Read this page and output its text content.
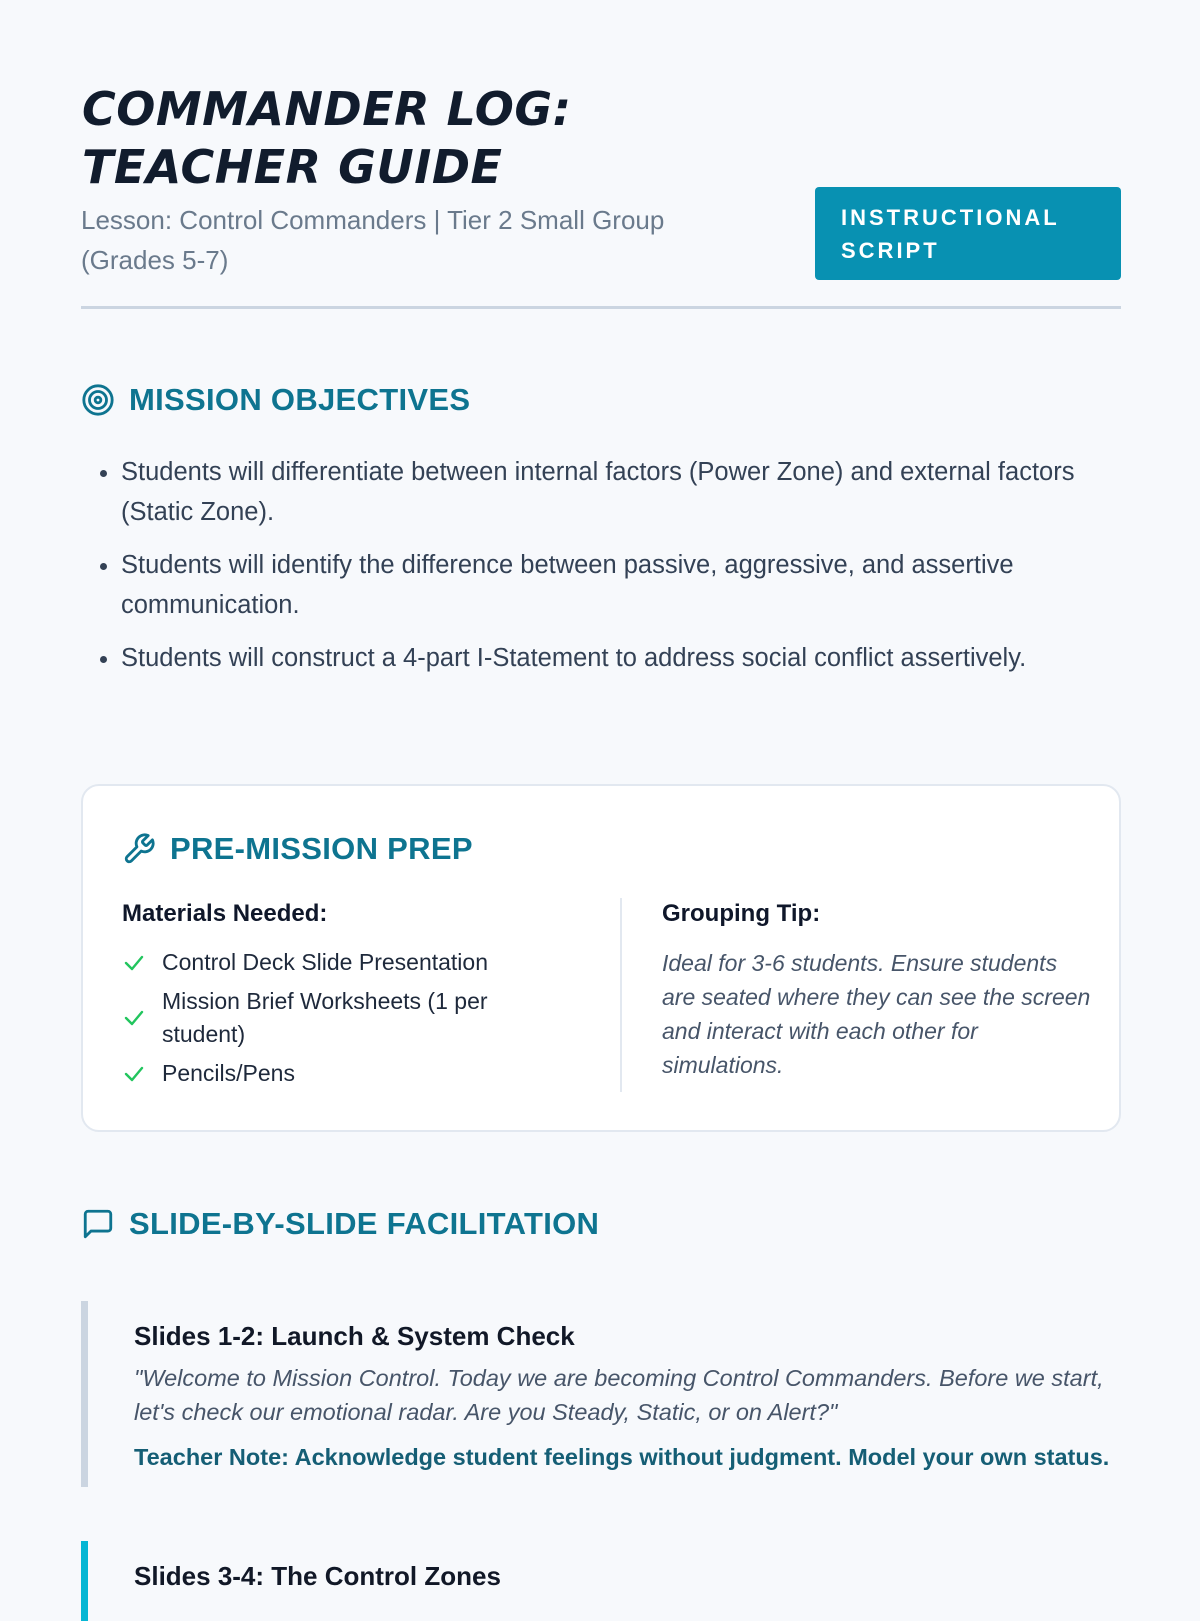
COMMANDER LOG:
TEACHER GUIDE

Lesson: Control Commanders | Tier 2 Small Group (Grades 5-7)

INSTRUCTIONAL SCRIPT
MISSION OBJECTIVES
• Students will differentiate between internal factors (Power Zone) and external factors (Static Zone).
• Students will identify the difference between passive, aggressive, and assertive communication.
• Students will construct a 4-part I-Statement to address social conflict assertively.
PRE-MISSION PREP

Materials Needed:

Control Deck Slide Presentation
Mission Brief Worksheets (1 per student)
Pencils/Pens

Grouping Tip:

Ideal for 3-6 students. Ensure students are seated where they can see the screen and interact with each other for simulations.

SLIDE-BY-SLIDE FACILITATION

Slides 1-2: Launch & System Check

"Welcome to Mission Control. Today we are becoming Control Commanders. Before we start, let's check our emotional radar. Are you Steady, Static, or on Alert?"

Teacher Note: Acknowledge student feelings without judgment. Model your own status.

Slides 3-4: The Control Zones
